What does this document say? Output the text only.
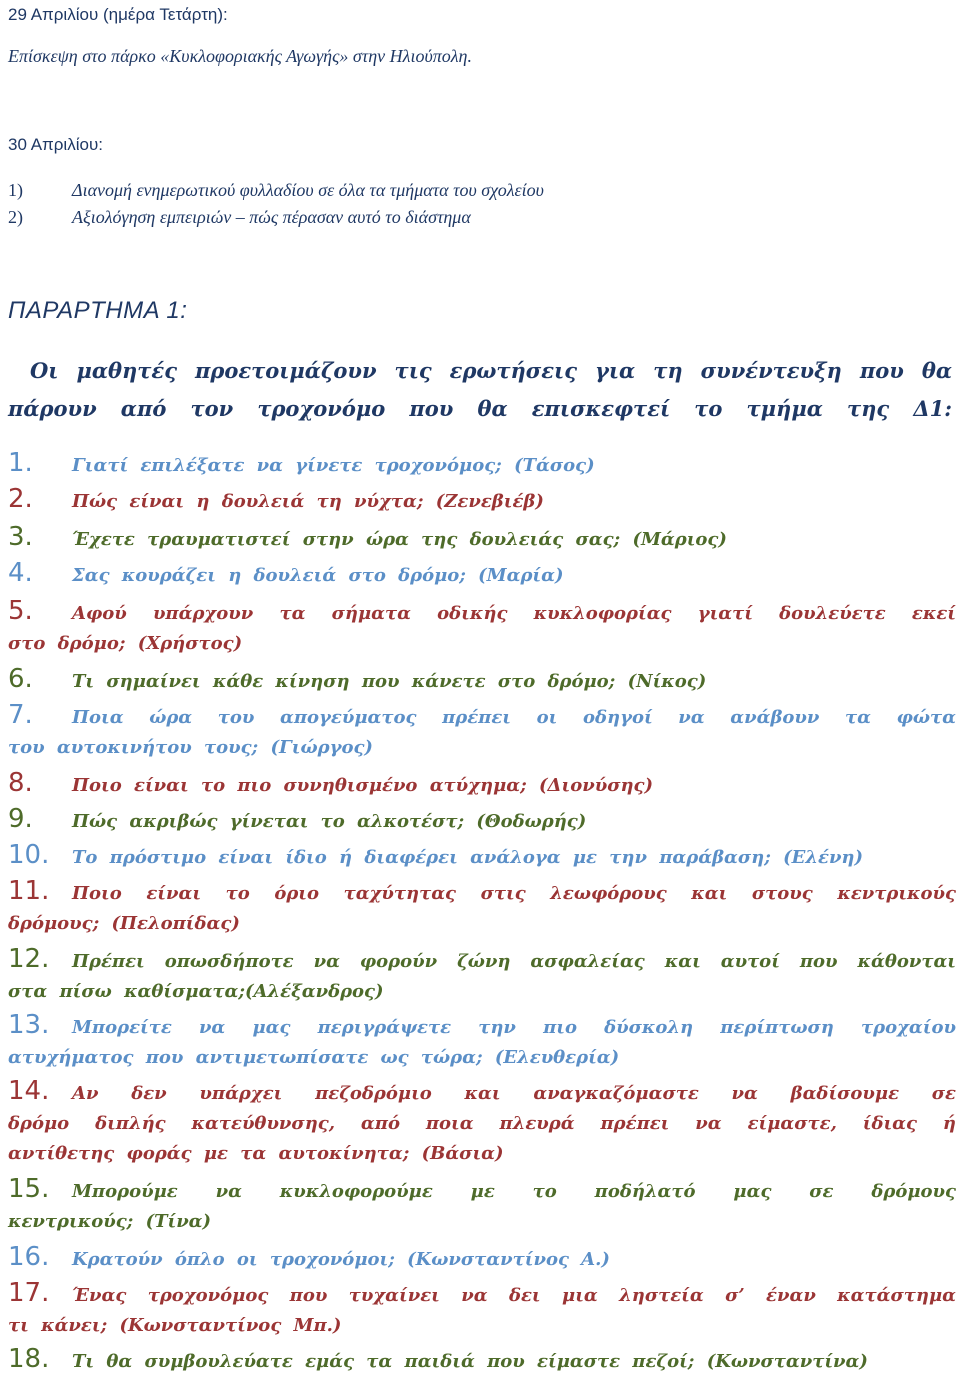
29 Απριλίου (ημέρα Τετάρτη):
Επίσκεψη στο πάρκο «Κυκλοφοριακής Αγωγής» στην Ηλιούπολη.
30 Απριλίου:
1)	Διανομή ενημερωτικού φυλλαδίου σε όλα τα τμήματα του σχολείου
2)	Αξιολόγηση εμπειριών – πώς πέρασαν αυτό το διάστημα
ΠΑΡΑΡΤΗΜΑ 1:
Οι μαθητές προετοιμάζουν τις ερωτήσεις για τη συνέντευξη που θα
πάρουν από τον τροχονόμο που θα επισκεφτεί το τμήμα της Δ1:
1. Γιατί επιλέξατε να γίνετε τροχονόμος; (Τάσος)
2. Πώς είναι η δουλειά τη νύχτα; (Ζενεβιέβ)
3. Έχετε τραυματιστεί στην ώρα της δουλειάς σας; (Μάριος)
4. Σας κουράζει η δουλειά στο δρόμο; (Μαρία)
5. Αφού υπάρχουν τα σήματα οδικής κυκλοφορίας γιατί δουλεύετε εκεί
στο δρόμο; (Χρήστος)
6. Τι σημαίνει κάθε κίνηση που κάνετε στο δρόμο; (Νίκος)
7. Ποια ώρα του απογεύματος πρέπει οι οδηγοί να ανάβουν τα φώτα
του αυτοκινήτου τους; (Γιώργος)
8. Ποιο είναι το πιο συνηθισμένο ατύχημα; (Διονύσης)
9. Πώς ακριβώς γίνεται το αλκοτέστ; (Θοδωρής)
10. Το πρόστιμο είναι ίδιο ή διαφέρει ανάλογα με την παράβαση; (Ελένη)
11. Ποιο είναι το όριο ταχύτητας στις λεωφόρους και στους κεντρικούς
δρόμους; (Πελοπίδας)
12. Πρέπει οπωσδήποτε να φορούν ζώνη ασφαλείας και αυτοί που κάθονται
στα πίσω καθίσματα;(Αλέξανδρος)
13. Μπορείτε να μας περιγράψετε την πιο δύσκολη περίπτωση τροχαίου
ατυχήματος που αντιμετωπίσατε ως τώρα; (Ελευθερία)
14. Αν δεν υπάρχει πεζοδρόμιο και αναγκαζόμαστε να βαδίσουμε σε
δρόμο διπλής κατεύθυνσης, από ποια πλευρά πρέπει να είμαστε, ίδιας ή
αντίθετης φοράς με τα αυτοκίνητα; (Βάσια)
15. Μπορούμε να κυκλοφορούμε με το ποδήλατό μας σε δρόμους
κεντρικούς; (Τίνα)
16. Κρατούν όπλο οι τροχονόμοι; (Κωνσταντίνος Α.)
17. Ένας τροχονόμος που τυχαίνει να δει μια ληστεία σ’ έναν κατάστημα
τι κάνει; (Κωνσταντίνος Μπ.)
18. Τι θα συμβουλεύατε εμάς τα παιδιά που είμαστε πεζοί; (Κωνσταντίνα)
